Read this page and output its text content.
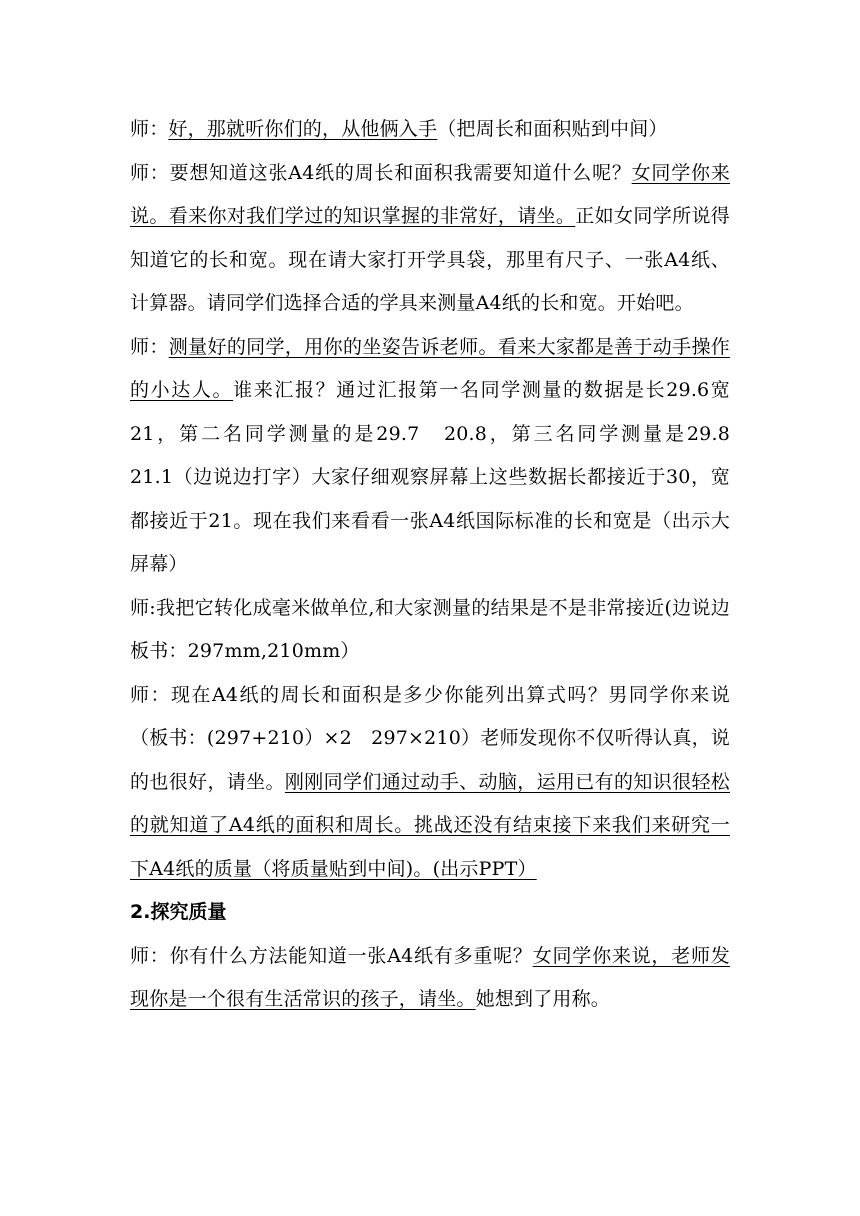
师：好，那就听你们的，从他俩入手（把周长和面积贴到中间）

师：要想知道这张A4纸的周长和面积我需要知道什么呢？女同学你来说。看来你对我们学过的知识掌握的非常好，请坐。正如女同学所说得知道它的长和宽。现在请大家打开学具袋，那里有尺子、一张A4纸、计算器。请同学们选择合适的学具来测量A4纸的长和宽。开始吧。

师：测量好的同学，用你的坐姿告诉老师。看来大家都是善于动手操作的小达人。谁来汇报？通过汇报第一名同学测量的数据是长29.6宽21，第二名同学测量的是29.7　20.8，第三名同学测量是29.8　21.1（边说边打字）大家仔细观察屏幕上这些数据长都接近于30，宽都接近于21。现在我们来看看一张A4纸国际标准的长和宽是（出示大屏幕）

师:我把它转化成毫米做单位,和大家测量的结果是不是非常接近(边说边板书：297mm,210mm）

师：现在A4纸的周长和面积是多少你能列出算式吗？男同学你来说（板书：(297+210）×2　297×210）老师发现你不仅听得认真，说的也很好，请坐。刚刚同学们通过动手、动脑，运用已有的知识很轻松的就知道了A4纸的面积和周长。挑战还没有结束接下来我们来研究一下A4纸的质量（将质量贴到中间)。(出示PPT）

2.探究质量

师：你有什么方法能知道一张A4纸有多重呢？女同学你来说，老师发现你是一个很有生活常识的孩子，请坐。她想到了用称。
